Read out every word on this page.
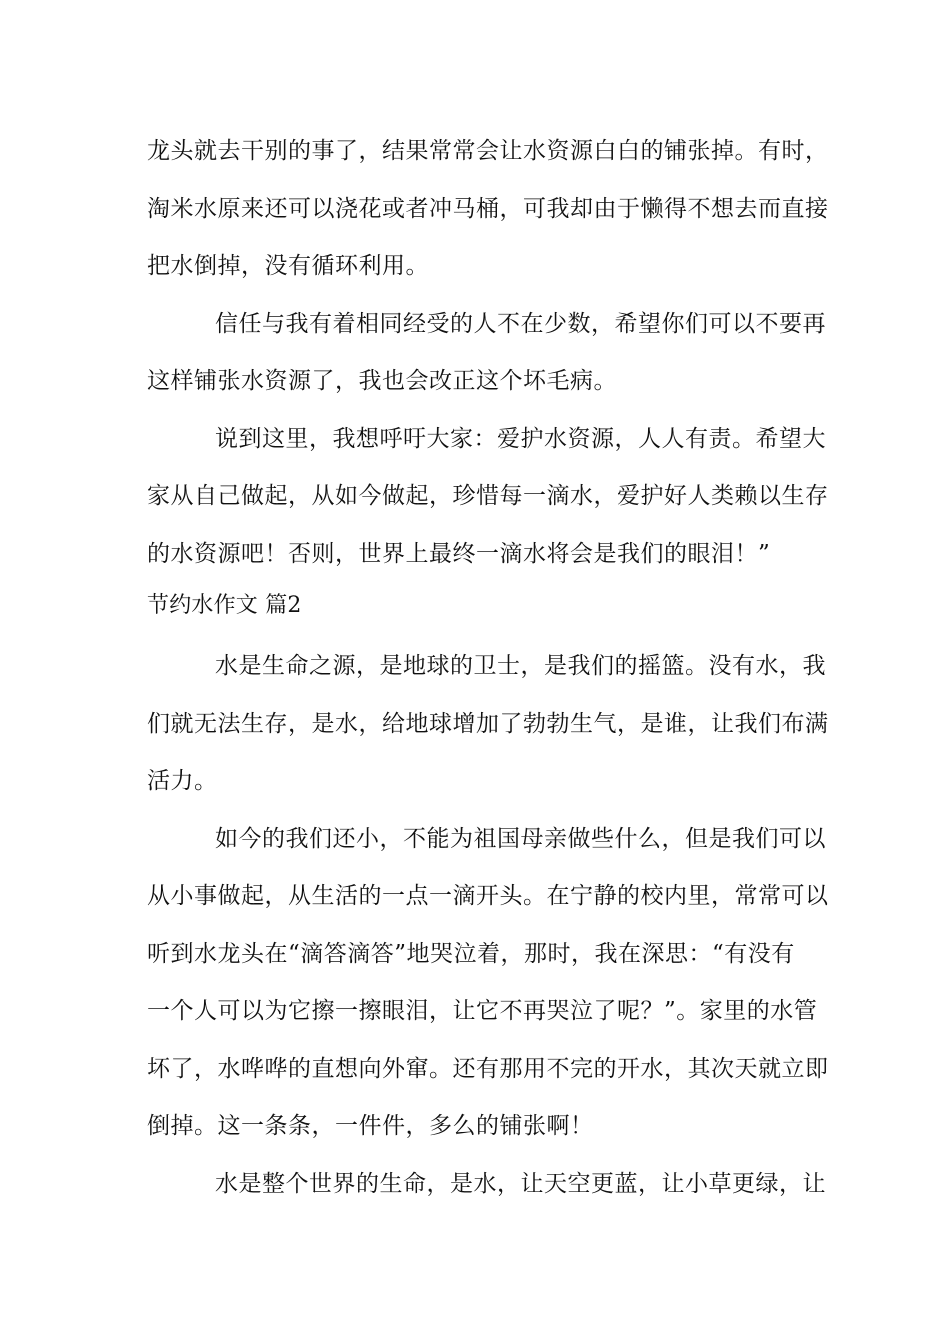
龙头就去干别的事了，结果常常会让水资源白白的铺张掉。有时，
淘米水原来还可以浇花或者冲马桶，可我却由于懒得不想去而直接
把水倒掉，没有循环利用。
信任与我有着相同经受的人不在少数，希望你们可以不要再
这样铺张水资源了，我也会改正这个坏毛病。
说到这里，我想呼吁大家：爱护水资源，人人有责。希望大
家从自己做起，从如今做起，珍惜每一滴水，爱护好人类赖以生存
的水资源吧！否则，世界上最终一滴水将会是我们的眼泪！”
节约水作文 篇2
水是生命之源，是地球的卫士，是我们的摇篮。没有水，我
们就无法生存，是水，给地球增加了勃勃生气，是谁，让我们布满
活力。
如今的我们还小，不能为祖国母亲做些什么，但是我们可以
从小事做起，从生活的一点一滴开头。在宁静的校内里，常常可以
听到水龙头在“滴答滴答”地哭泣着，那时，我在深思：“有没有
一个人可以为它擦一擦眼泪，让它不再哭泣了呢？”。家里的水管
坏了，水哗哗的直想向外窜。还有那用不完的开水，其次天就立即
倒掉。这一条条，一件件，多么的铺张啊！
水是整个世界的生命，是水，让天空更蓝，让小草更绿，让
